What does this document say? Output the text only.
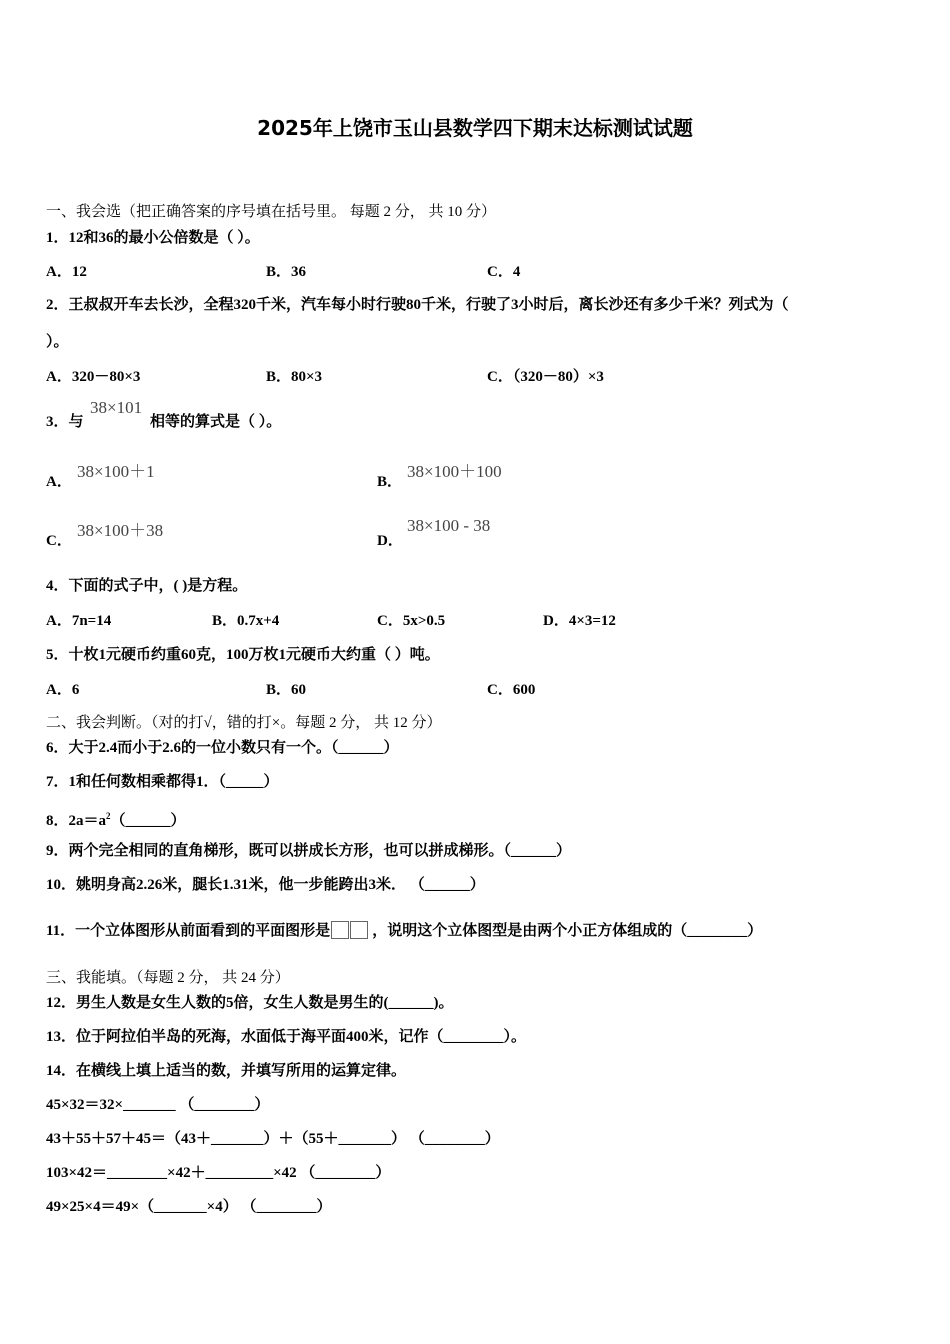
2025年上饶市玉山县数学四下期末达标测试试题
一、我会选（把正确答案的序号填在括号里。 每题 2 分， 共 10 分）
1．12和36的最小公倍数是（ ）。
A．12	B．36	C．4
2．王叔叔开车去长沙，全程320千米，汽车每小时行驶80千米，行驶了3小时后，离长沙还有多少千米？列式为（
）。
A．320－80×3	B．80×3	C．（320－80）×3
3．与
38×101
相等的算式是（ ）。
A．
38×100＋1
B．
38×100＋100
C．
38×100＋38
D．
38×100 - 38
4．下面的式子中，( )是方程。
A．7n=14	B．0.7x+4	C．5x>0.5	D．4×3=12
5．十枚1元硬币约重60克，100万枚1元硬币大约重（ ）吨。
A．6	B．60	C．600
二、我会判断。（对的打√，错的打×。每题 2 分， 共 12 分）
6．大于2.4而小于2.6的一位小数只有一个。（______）
7．1和任何数相乘都得1．（_____）
8．$2a=a^2(\_\_\_\_\_\_)$
9．两个完全相同的直角梯形，既可以拼成长方形，也可以拼成梯形。（______）
10．姚明身高2.26米，腿长1.31米，他一步能跨出3米． （______）
11．一个立体图形从前面看到的平面图形是	，说明这个立体图型是由两个小正方体组成的（________）
三、我能填。（每题 2 分， 共 24 分）
12．男生人数是女生人数的5倍，女生人数是男生的(______)。
13．位于阿拉伯半岛的死海，水面低于海平面400米，记作（________）。
14．在横线上填上适当的数，并填写所用的运算定律。
45×32＝32×_______ （________）
43＋55＋57＋45＝（43＋_______）＋（55＋_______） （________）
103×42＝________×42＋_________×42 （________）
49×25×4＝49×（_______×4） （________）
